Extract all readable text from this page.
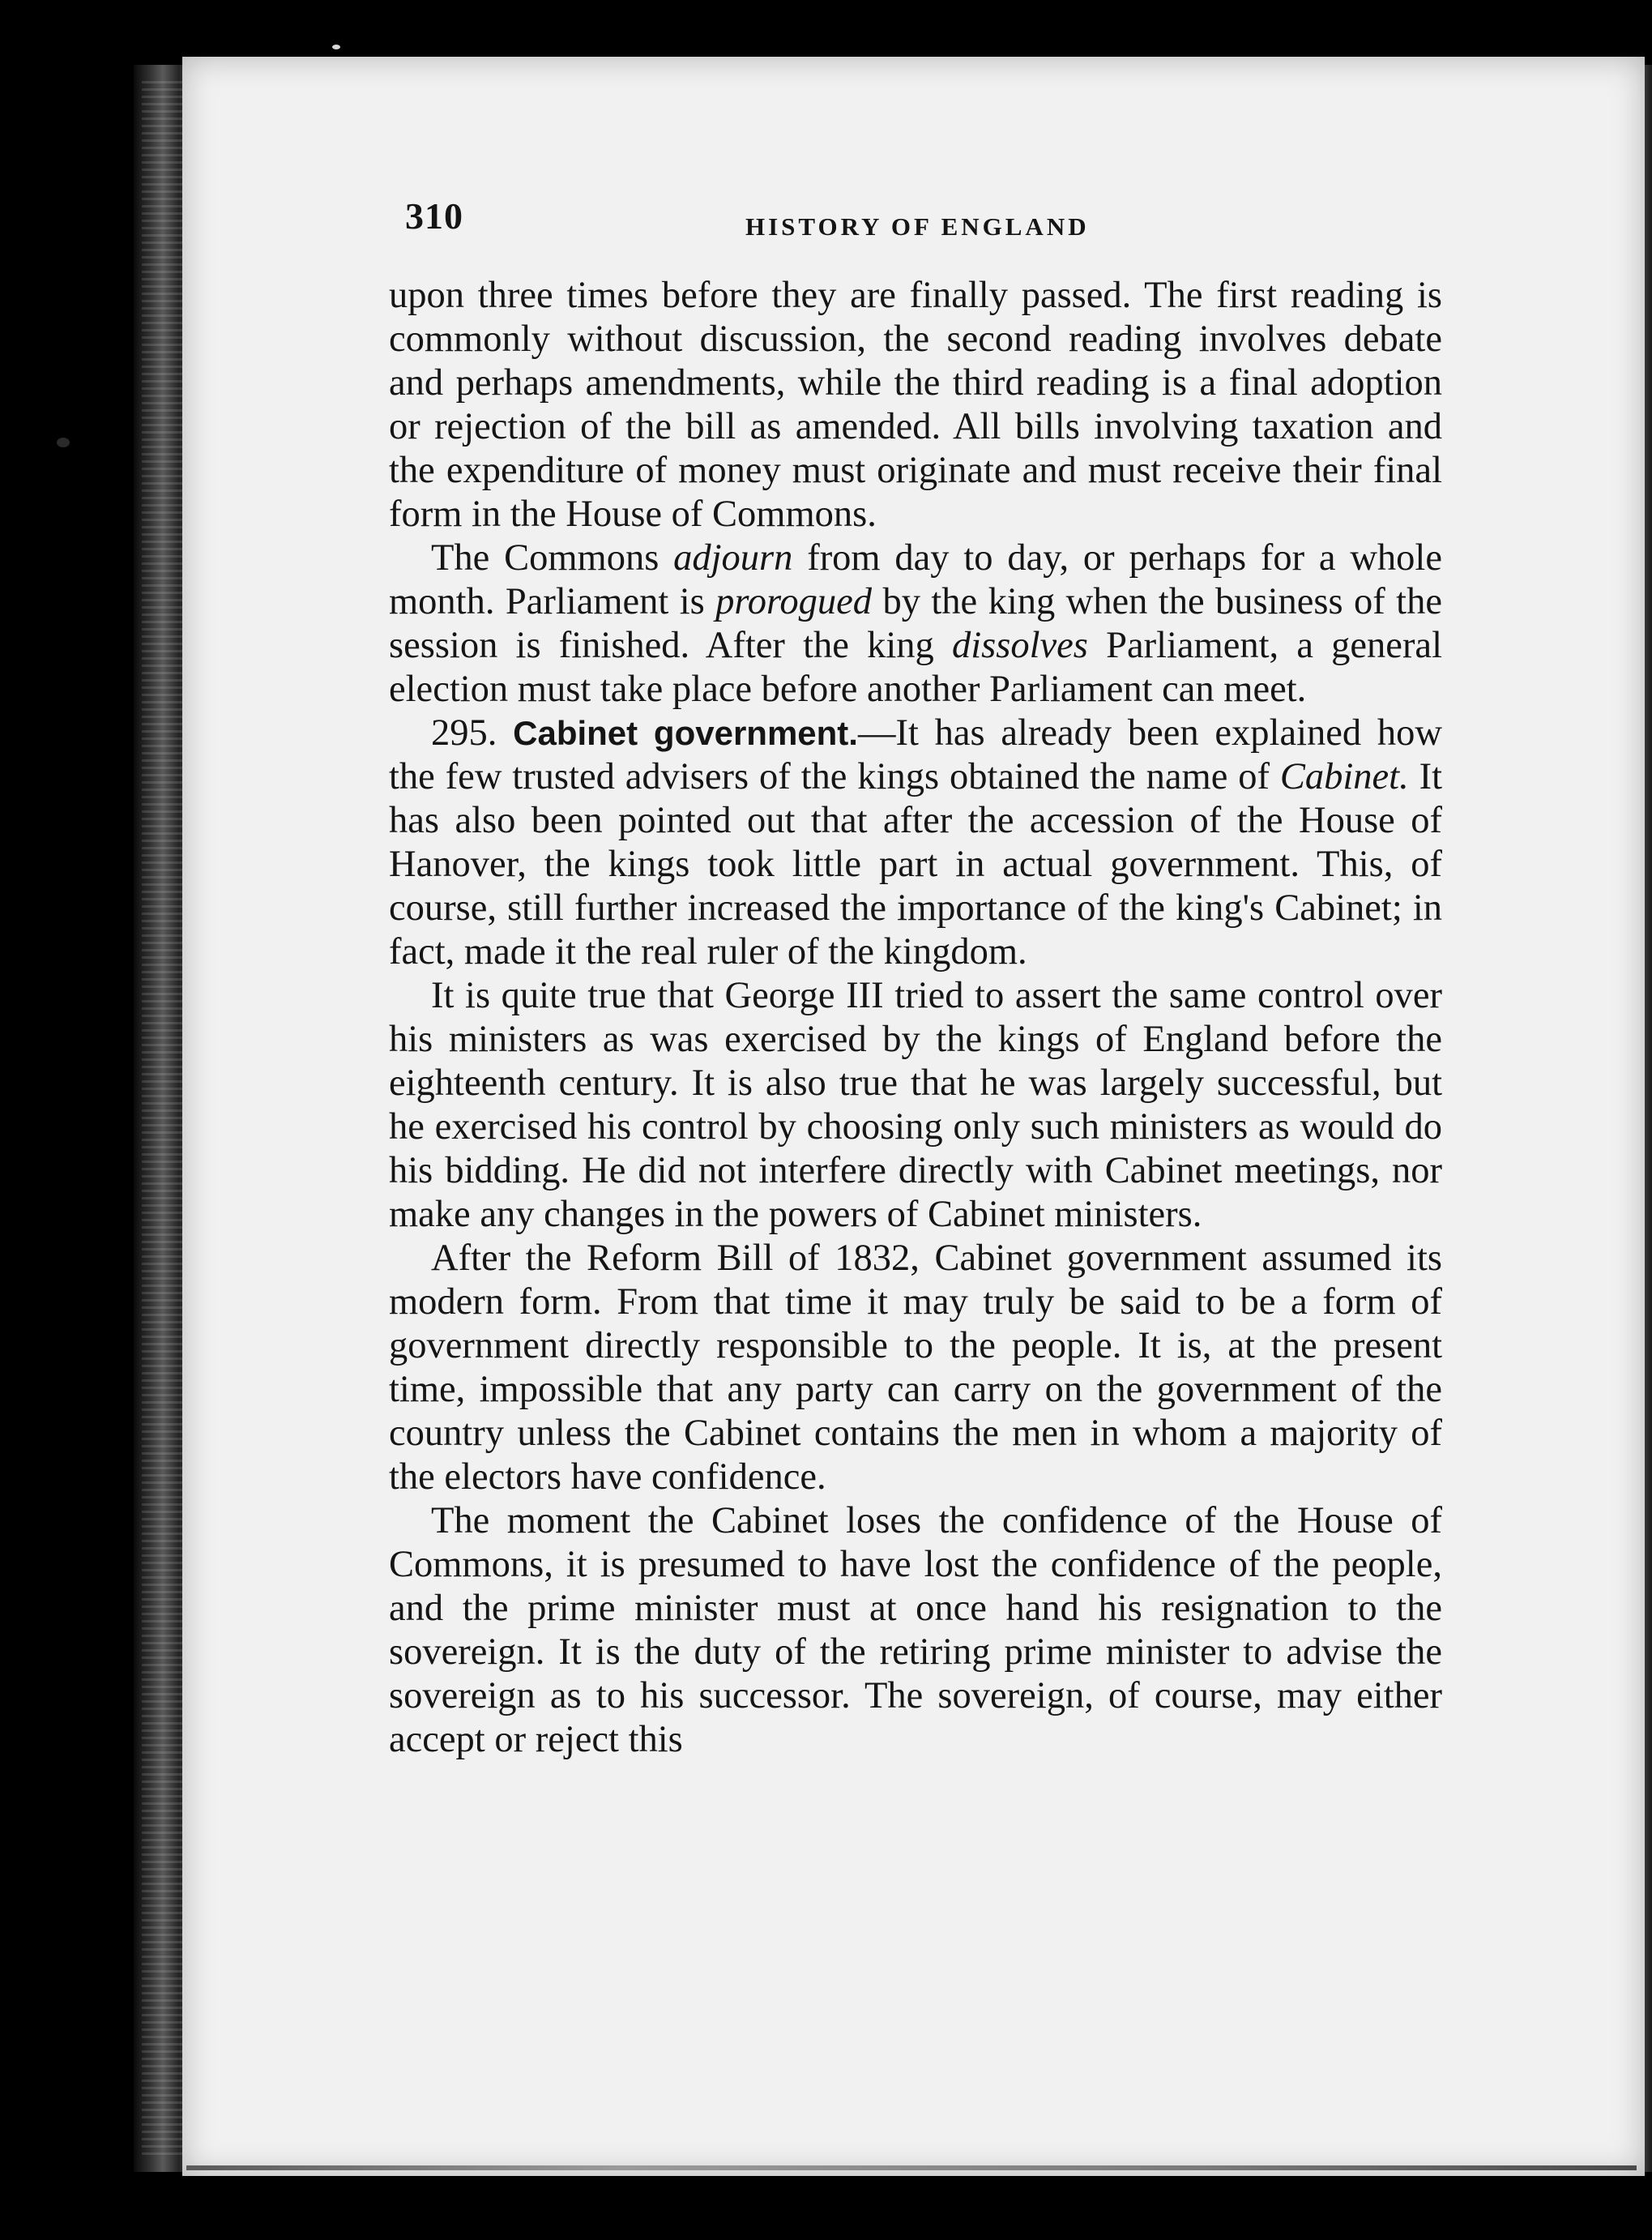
310	HISTORY OF ENGLAND

upon three times before they are finally passed. The first reading is commonly without discussion, the second reading involves debate and perhaps amendments, while the third reading is a final adoption or rejection of the bill as amended. All bills involving taxation and the expenditure of money must originate and must receive their final form in the House of Commons.

The Commons adjourn from day to day, or perhaps for a whole month. Parliament is prorogued by the king when the business of the session is finished. After the king dissolves Parliament, a general election must take place before another Parliament can meet.

295. Cabinet government.—It has already been explained how the few trusted advisers of the kings obtained the name of Cabinet. It has also been pointed out that after the accession of the House of Hanover, the kings took little part in actual government. This, of course, still further increased the importance of the king's Cabinet; in fact, made it the real ruler of the kingdom.

It is quite true that George III tried to assert the same control over his ministers as was exercised by the kings of England before the eighteenth century. It is also true that he was largely successful, but he exercised his control by choosing only such ministers as would do his bidding. He did not interfere directly with Cabinet meetings, nor make any changes in the powers of Cabinet ministers.

After the Reform Bill of 1832, Cabinet government assumed its modern form. From that time it may truly be said to be a form of government directly responsible to the people. It is, at the present time, impossible that any party can carry on the government of the country unless the Cabinet contains the men in whom a majority of the electors have confidence.

The moment the Cabinet loses the confidence of the House of Commons, it is presumed to have lost the confidence of the people, and the prime minister must at once hand his resignation to the sovereign. It is the duty of the retiring prime minister to advise the sovereign as to his successor. The sovereign, of course, may either accept or reject this
